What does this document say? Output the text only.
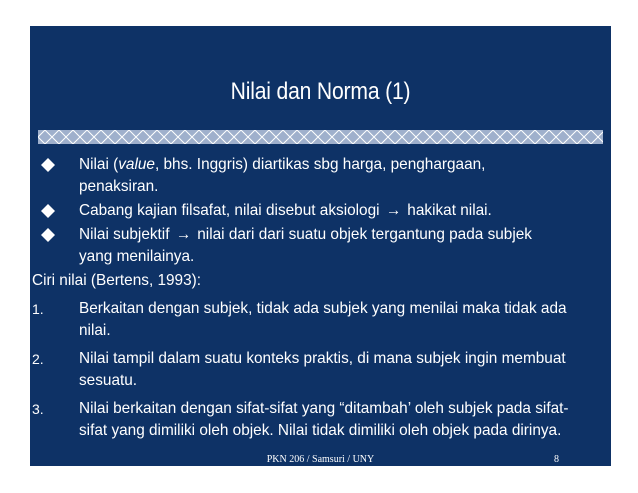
Nilai dan Norma (1)
Nilai (value, bhs. Inggris) diartikas sbg harga, penghargaan, penaksiran.
Cabang kajian filsafat, nilai disebut aksiologi → hakikat nilai.
Nilai subjektif → nilai dari dari suatu objek tergantung pada subjek yang menilainya.
Ciri nilai (Bertens, 1993):
1. Berkaitan dengan subjek, tidak ada subjek yang menilai maka tidak ada nilai.
2. Nilai tampil dalam suatu konteks praktis, di mana subjek ingin membuat sesuatu.
3. Nilai berkaitan dengan sifat-sifat yang “ditambah’ oleh subjek pada sifat-sifat yang dimiliki oleh objek. Nilai tidak dimiliki oleh objek pada dirinya.
PKN 206 / Samsuri / UNY	8
